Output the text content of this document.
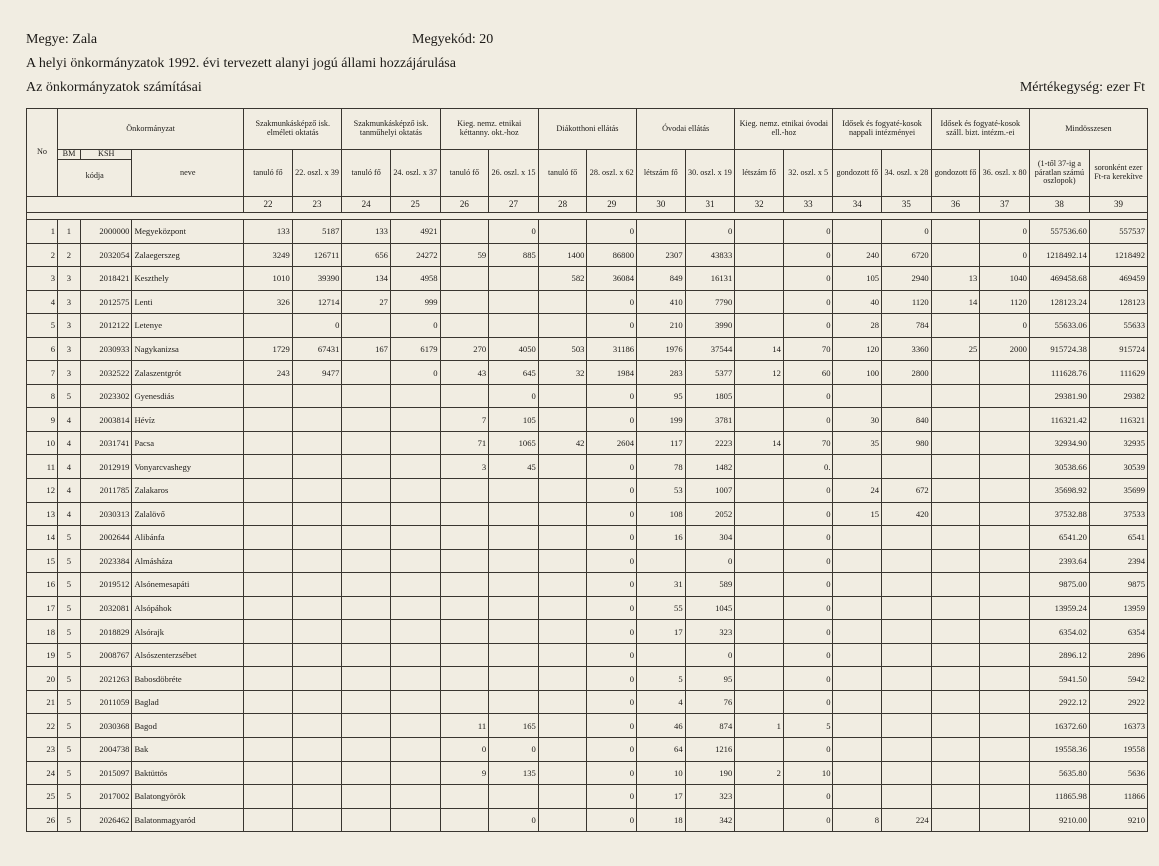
Megye: Zala	Megyekód: 20
A helyi önkormányzatok 1992. évi tervezett alanyi jogú állami hozzájárulása
Az önkormányzatok számításai	Mértékegység: ezer Ft
No	Önkormányzat			Szakmunkásképző isk. elméleti oktatás		Szakmunkásképző isk. tanműhelyi oktatás		Kieg. nemz. etnikai kéttanny. okt.-hoz		Diákotthoni ellátás		Óvodai ellátás		Kieg. nemz. etnikai óvodai ell.-hoz		Idősek és fogyaté-kosok nappali intézményei		Idősek és fogyaté-kosok száll. bizt. intézm.-ei		Mindösszesen	

	BM KSH
kódja		neve	tanuló fő	22. oszl. x 39	tanuló fő	24. oszl. x 37	tanuló fő	26. oszl. x 15	tanuló fő	28. oszl. x 62	létszám fő	30. oszl. x 19	létszám fő	32. oszl. x 5	gondozott fő	34. oszl. x 28	gondozott fő	36. oszl. x 80	(1-től 37-ig a páratlan számú oszlopok)	soronként ezer Ft-ra kerekítve
				22	23	24	25	26	27	28	29	30	31	32	33	34	35	36	37	38	39

1	1	2000000	Megyeközpont	133	5187	133	4921		0		0		0		0		0		0	557536.60	557537
2	2	2032054	Zalaegerszeg	3249	126711	656	24272	59	885	1400	86800	2307	43833		0	240	6720		0	1218492.14	1218492
3	3	2018421	Keszthely	1010	39390	134	4958			582	36084	849	16131		0	105	2940	13	1040	469458.68	469459
4	3	2012575	Lenti	326	12714	27	999				0	410	7790		0	40	1120	14	1120	128123.24	128123
5	3	2012122	Letenye		0		0				0	210	3990		0	28	784		0	55633.06	55633
6	3	2030933	Nagykanizsa	1729	67431	167	6179	270	4050	503	31186	1976	37544	14	70	120	3360	25	2000	915724.38	915724
7	3	2032522	Zalaszentgrót	243	9477		0	43	645	32	1984	283	5377	12	60	100	2800			111628.76	111629
8	5	2023302	Gyenesdiás						0		0	95	1805		0					29381.90	29382
9	4	2003814	Hévíz					7	105		0	199	3781		0	30	840			116321.42	116321
10	4	2031741	Pacsa					71	1065	42	2604	117	2223	14	70	35	980			32934.90	32935
11	4	2012919	Vonyarcvashegy					3	45		0	78	1482		0.					30538.66	30539
12	4	2011785	Zalakaros								0	53	1007		0	24	672			35698.92	35699
13	4	2030313	Zalalövő								0	108	2052		0	15	420			37532.88	37533
14	5	2002644	Alibánfa								0	16	304		0					6541.20	6541
15	5	2023384	Almásháza								0		0		0					2393.64	2394
16	5	2019512	Alsónemesapáti								0	31	589		0					9875.00	9875
17	5	2032081	Alsópáhok								0	55	1045		0					13959.24	13959
18	5	2018829	Alsórajk								0	17	323		0					6354.02	6354
19	5	2008767	Alsószenterzsébet								0		0		0					2896.12	2896
20	5	2021263	Babosdöbréte								0	5	95		0					5941.50	5942
21	5	2011059	Baglad								0	4	76		0					2922.12	2922
22	5	2030368	Bagod					11	165		0	46	874	1	5					16372.60	16373
23	5	2004738	Bak					0	0		0	64	1216		0					19558.36	19558
24	5	2015097	Baktüttös					9	135		0	10	190	2	10					5635.80	5636
25	5	2017002	Balatongyörök								0	17	323		0					11865.98	11866
26	5	2026462	Balatonmagyaród						0		0	18	342		0	8	224			9210.00	9210
